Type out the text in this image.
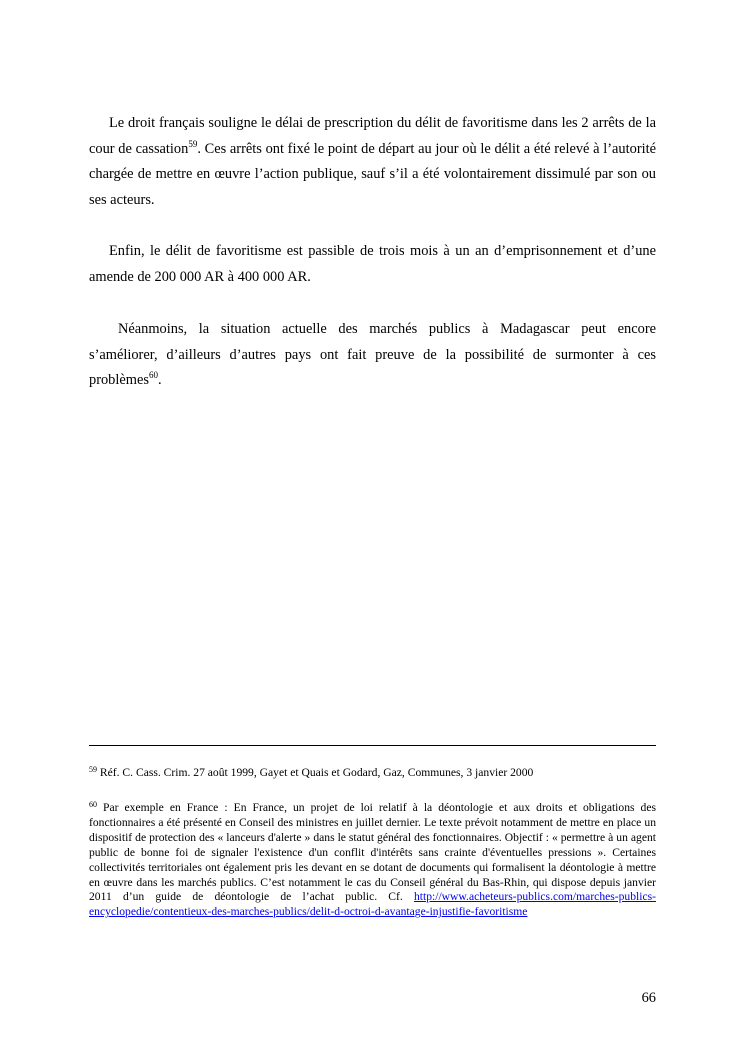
Le droit français souligne le délai de prescription du délit de favoritisme dans les 2 arrêts de la cour de cassation$^{59}$. Ces arrêts ont fixé le point de départ au jour où le délit a été relevé à l’autorité chargée de mettre en œuvre l’action publique, sauf s’il a été volontairement dissimulé par son ou ses acteurs.

Enfin, le délit de favoritisme est passible de trois mois à un an d’emprisonnement et d’une amende de 200 000 AR à 400 000 AR.

Néanmoins, la situation actuelle des marchés publics à Madagascar peut encore s’améliorer, d’ailleurs d’autres pays ont fait preuve de la possibilité de surmonter à ces problèmes$^{60}$.

$^{59}$ Réf. C. Cass. Crim. 27 août 1999, Gayet et Quais et Godard, Gaz, Communes, 3 janvier 2000

$^{60}$ Par exemple en France : En France, un projet de loi relatif à la déontologie et aux droits et obligations des fonctionnaires a été présenté en Conseil des ministres en juillet dernier. Le texte prévoit notamment de mettre en place un dispositif de protection des « lanceurs d'alerte » dans le statut général des fonctionnaires. Objectif : « permettre à un agent public de bonne foi de signaler l'existence d'un conflit d'intérêts sans crainte d'éventuelles pressions ». Certaines collectivités territoriales ont également pris les devant en se dotant de documents qui formalisent la déontologie à mettre en œuvre dans les marchés publics. C’est notamment le cas du Conseil général du Bas-Rhin, qui dispose depuis janvier 2011 d’un guide de déontologie de l’achat public. Cf. http://www.acheteurs-publics.com/marches-publics-encyclopedie/contentieux-des-marches-publics/delit-d-octroi-d-avantage-injustifie-favoritisme

66
